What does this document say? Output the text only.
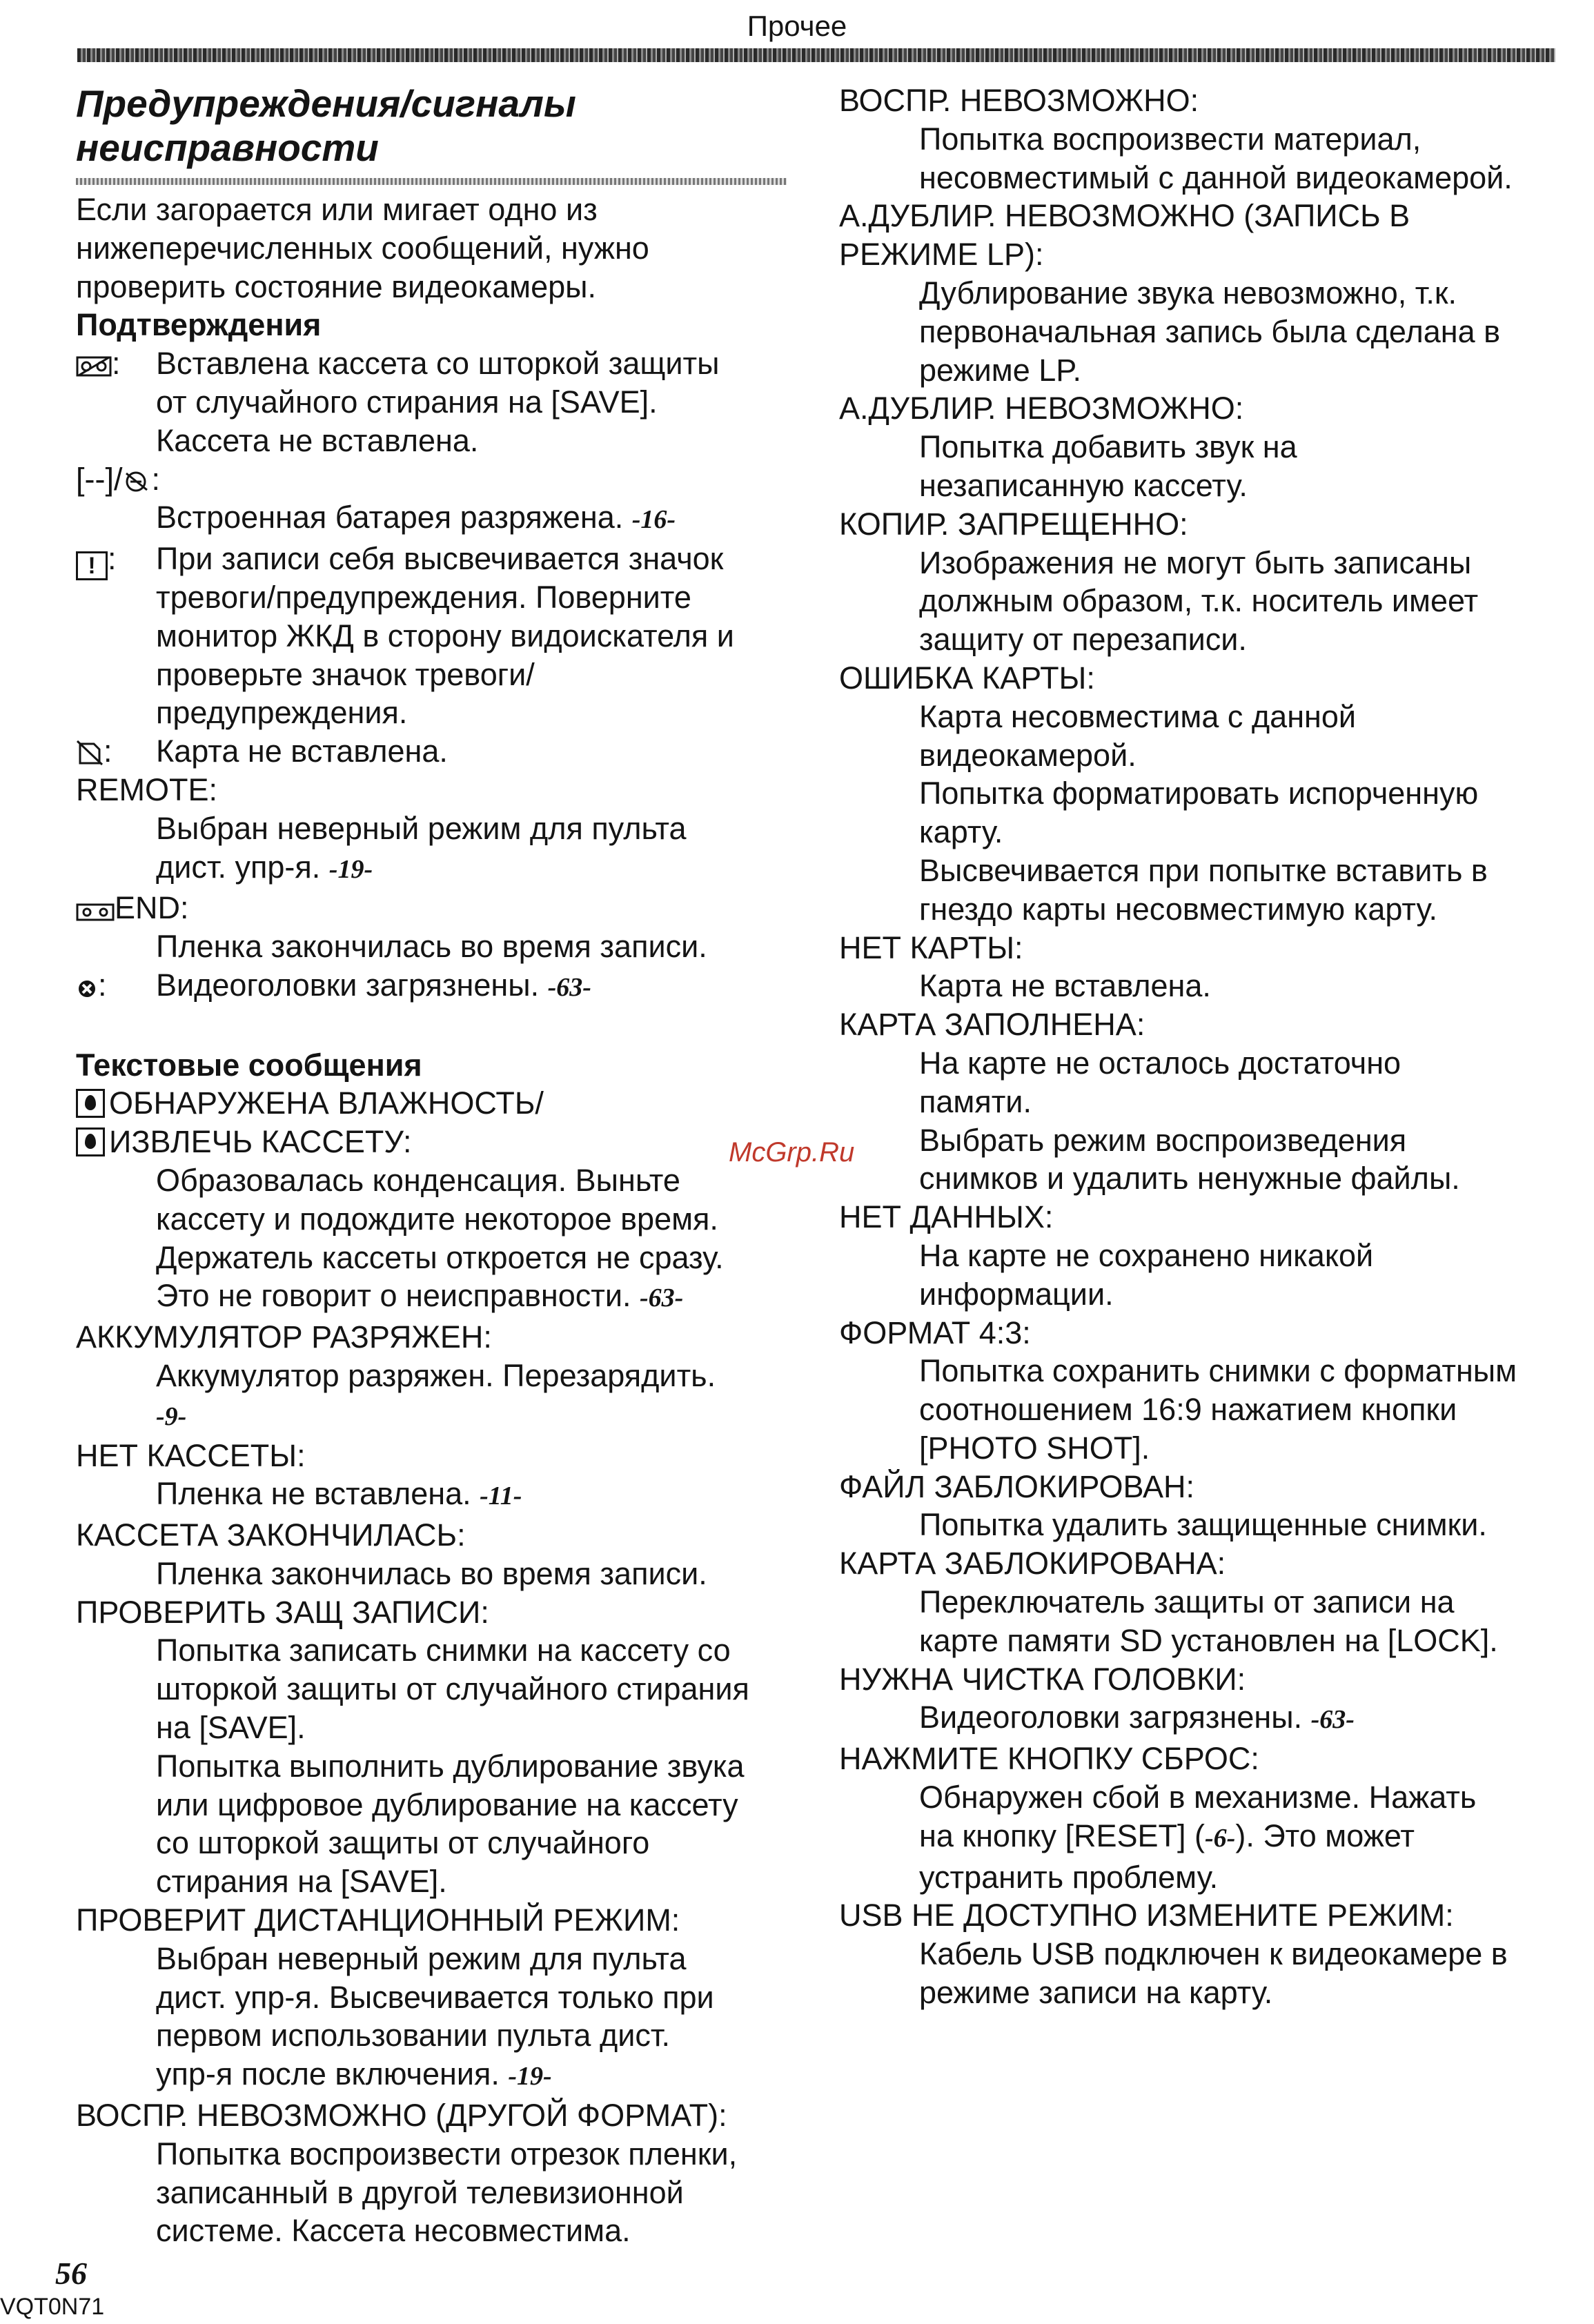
Прочее

Предупреждения/сигналы

неисправности

Если загорается или мигает одно из

нижеперечисленных сообщений, нужно

проверить состояние видеокамеры.

Подтверждения

:	Вставлена кассета со шторкой защиты
от случайного стирания на [SAVE].
Кассета не вставлена.

[--]/ :

Встроенная батарея разряжена. -16-

! :	При записи себя высвечивается значок
тревоги/предупреждения. Поверните
монитор ЖКД в сторону видоискателя и
проверьте значок тревоги/
предупреждения.
:	Карта не вставлена.

REMOTE:

Выбран неверный режим для пульта

дист. упр-я. -19-

END:

Пленка закончилась во время записи.

:	Видеоголовки загрязнены. -63-

Текстовые сообщения

ОБНАРУЖЕНА ВЛАЖНОСТЬ/

ИЗВЛЕЧЬ КАССЕТУ:

Образовалась конденсация. Выньте

кассету и подождите некоторое время.

Держатель кассеты откроется не сразу.

Это не говорит о неисправности. -63-

АККУМУЛЯТОР РАЗРЯЖЕН:

Аккумулятор разряжен. Перезарядить.

-9-

НЕТ КАССЕТЫ:

Пленка не вставлена. -11-

КАССЕТА ЗАКОНЧИЛАСЬ:

Пленка закончилась во время записи.

ПРОВЕРИТЬ ЗАЩ ЗАПИСИ:

Попытка записать снимки на кассету со

шторкой защиты от случайного стирания

на [SAVE].

Попытка выполнить дублирование звука

или цифровое дублирование на кассету

со шторкой защиты от случайного

стирания на [SAVE].

ПРОВЕРИТ ДИСТАНЦИОННЫЙ РЕЖИМ:

Выбран неверный режим для пульта

дист. упр-я. Высвечивается только при

первом использовании пульта дист.

упр-я после включения. -19-

ВОСПР. НЕВОЗМОЖНО (ДРУГОЙ ФОРМАТ):

Попытка воспроизвести отрезок пленки,

записанный в другой телевизионной

системе. Кассета несовместима.

ВОСПР. НЕВОЗМОЖНО:

Попытка воспроизвести материал,

несовместимый с данной видеокамерой.

А.ДУБЛИР. НЕВОЗМОЖНО (ЗАПИСЬ В

РЕЖИМЕ LP):

Дублирование звука невозможно, т.к.

первоначальная запись была сделана в

режиме LP.

А.ДУБЛИР. НЕВОЗМОЖНО:

Попытка добавить звук на

незаписанную кассету.

КОПИР. ЗАПРЕЩЕННО:

Изображения не могут быть записаны

должным образом, т.к. носитель имеет

защиту от перезаписи.

ОШИБКА КАРТЫ:

Карта несовместима с данной

видеокамерой.

Попытка форматировать испорченную

карту.

Высвечивается при попытке вставить в

гнездо карты несовместимую карту.

НЕТ КАРТЫ:

Карта не вставлена.

КАРТА ЗАПОЛНЕНА:

На карте не осталось достаточно

памяти.

Выбрать режим воспроизведения

снимков и удалить ненужные файлы.

НЕТ ДАННЫХ:

На карте не сохранено никакой

информации.

ФОРМАТ 4:3:

Попытка сохранить снимки с форматным

соотношением 16:9 нажатием кнопки

[PHOTO SHOT].

ФАЙЛ ЗАБЛОКИРОВАН:

Попытка удалить защищенные снимки.

КАРТА ЗАБЛОКИРОВАНА:

Переключатель защиты от записи на

карте памяти SD установлен на [LOCK].

НУЖНА ЧИСТКА ГОЛОВКИ:

Видеоголовки загрязнены. -63-

НАЖМИТЕ КНОПКУ СБРОС:

Обнаружен сбой в механизме. Нажать

на кнопку [RESET] (-6-). Это может

устранить проблему.

USB НЕ ДОСТУПНО ИЗМЕНИТЕ РЕЖИМ:

Кабель USB подключен к видеокамере в

режиме записи на карту.

McGrp.Ru
56
VQT0N71
